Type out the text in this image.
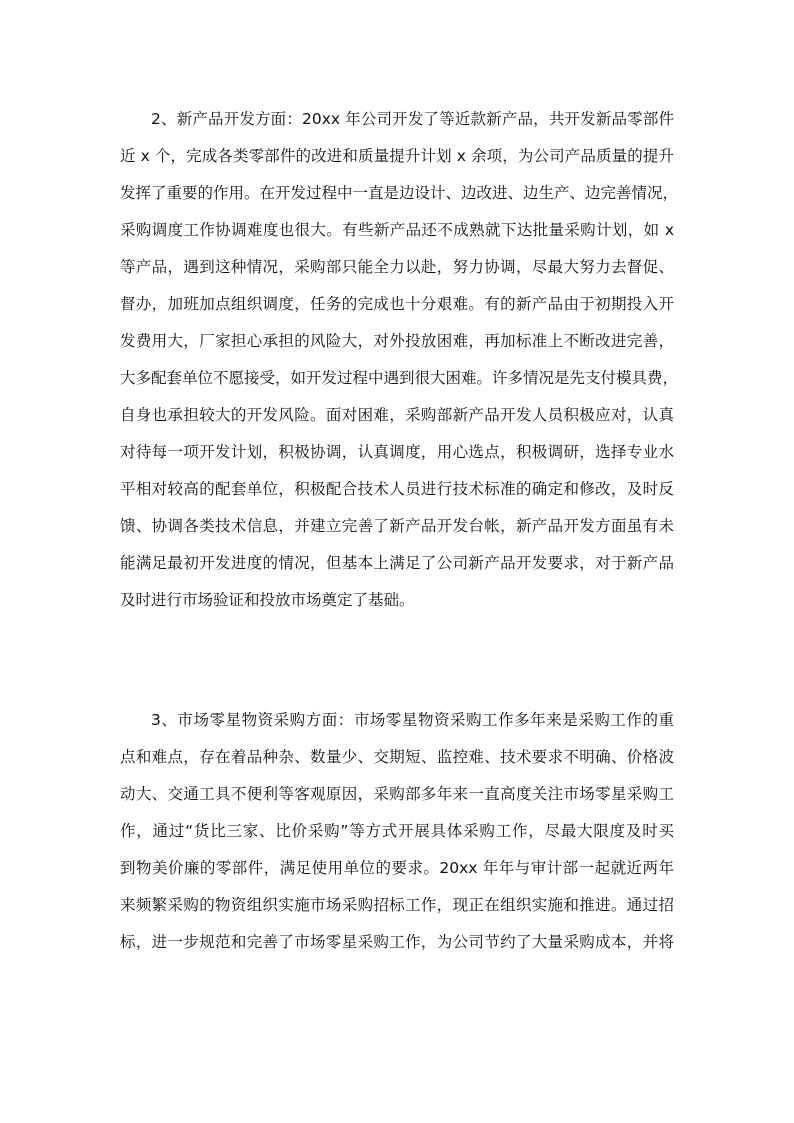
2、新产品开发方面：20xx 年公司开发了等近款新产品，共开发新品零部件
近 x 个，完成各类零部件的改进和质量提升计划 x 余项，为公司产品质量的提升
发挥了重要的作用。在开发过程中一直是边设计、边改进、边生产、边完善情况，
采购调度工作协调难度也很大。有些新产品还不成熟就下达批量采购计划，如 x
等产品，遇到这种情况，采购部只能全力以赴，努力协调，尽最大努力去督促、
督办，加班加点组织调度，任务的完成也十分艰难。有的新产品由于初期投入开
发费用大，厂家担心承担的风险大，对外投放困难，再加标准上不断改进完善，
大多配套单位不愿接受，如开发过程中遇到很大困难。许多情况是先支付模具费，
自身也承担较大的开发风险。面对困难，采购部新产品开发人员积极应对，认真
对待每一项开发计划，积极协调，认真调度，用心选点，积极调研，选择专业水
平相对较高的配套单位，积极配合技术人员进行技术标准的确定和修改，及时反
馈、协调各类技术信息，并建立完善了新产品开发台帐，新产品开发方面虽有未
能满足最初开发进度的情况，但基本上满足了公司新产品开发要求，对于新产品
及时进行市场验证和投放市场奠定了基础。
3、市场零星物资采购方面：市场零星物资采购工作多年来是采购工作的重
点和难点，存在着品种杂、数量少、交期短、监控难、技术要求不明确、价格波
动大、交通工具不便利等客观原因，采购部多年来一直高度关注市场零星采购工
作，通过“货比三家、比价采购”等方式开展具体采购工作，尽最大限度及时买
到物美价廉的零部件，满足使用单位的要求。20xx 年年与审计部一起就近两年
来频繁采购的物资组织实施市场采购招标工作，现正在组织实施和推进。通过招
标，进一步规范和完善了市场零星采购工作，为公司节约了大量采购成本，并将
